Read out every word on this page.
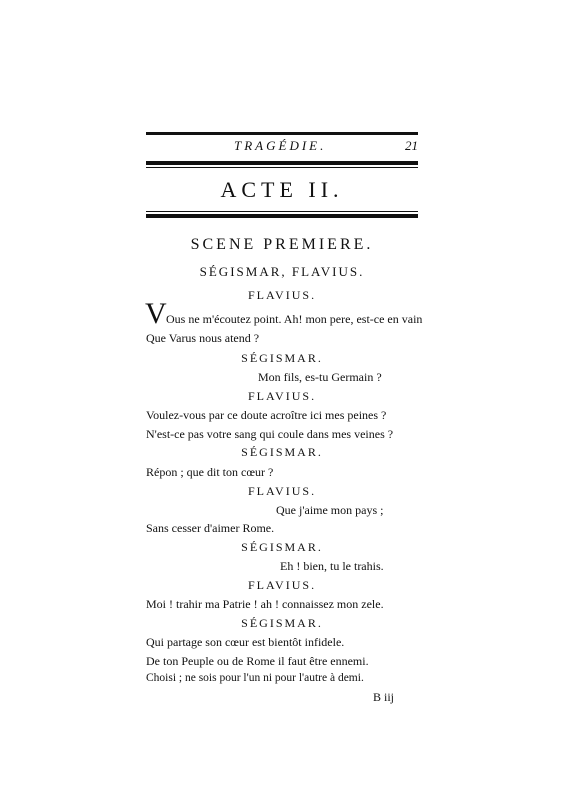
TRAGÉDIE.	21
ACTE II.
SCENE PREMIERE.
SÉGISMAR, FLAVIUS.
FLAVIUS.
V Ous ne m'écoutez point. Ah! mon pere, est-ce en vain
Que Varus nous atend ?
SÉGISMAR.
Mon fils, es-tu Germain ?
FLAVIUS.
Voulez-vous par ce doute acroître ici mes peines ?
N'est-ce pas votre sang qui coule dans mes veines ?
SÉGISMAR.
Répon ; que dit ton cœur ?
FLAVIUS.
Que j'aime mon pays ;
Sans cesser d'aimer Rome.
SÉGISMAR.
Eh ! bien, tu le trahis.
FLAVIUS.
Moi ! trahir ma Patrie ! ah ! connaissez mon zele.
SÉGISMAR.
Qui partage son cœur est bientôt infidele.
De ton Peuple ou de Rome il faut être ennemi.
Choisi ; ne sois pour l'un ni pour l'autre à demi.
B iij
